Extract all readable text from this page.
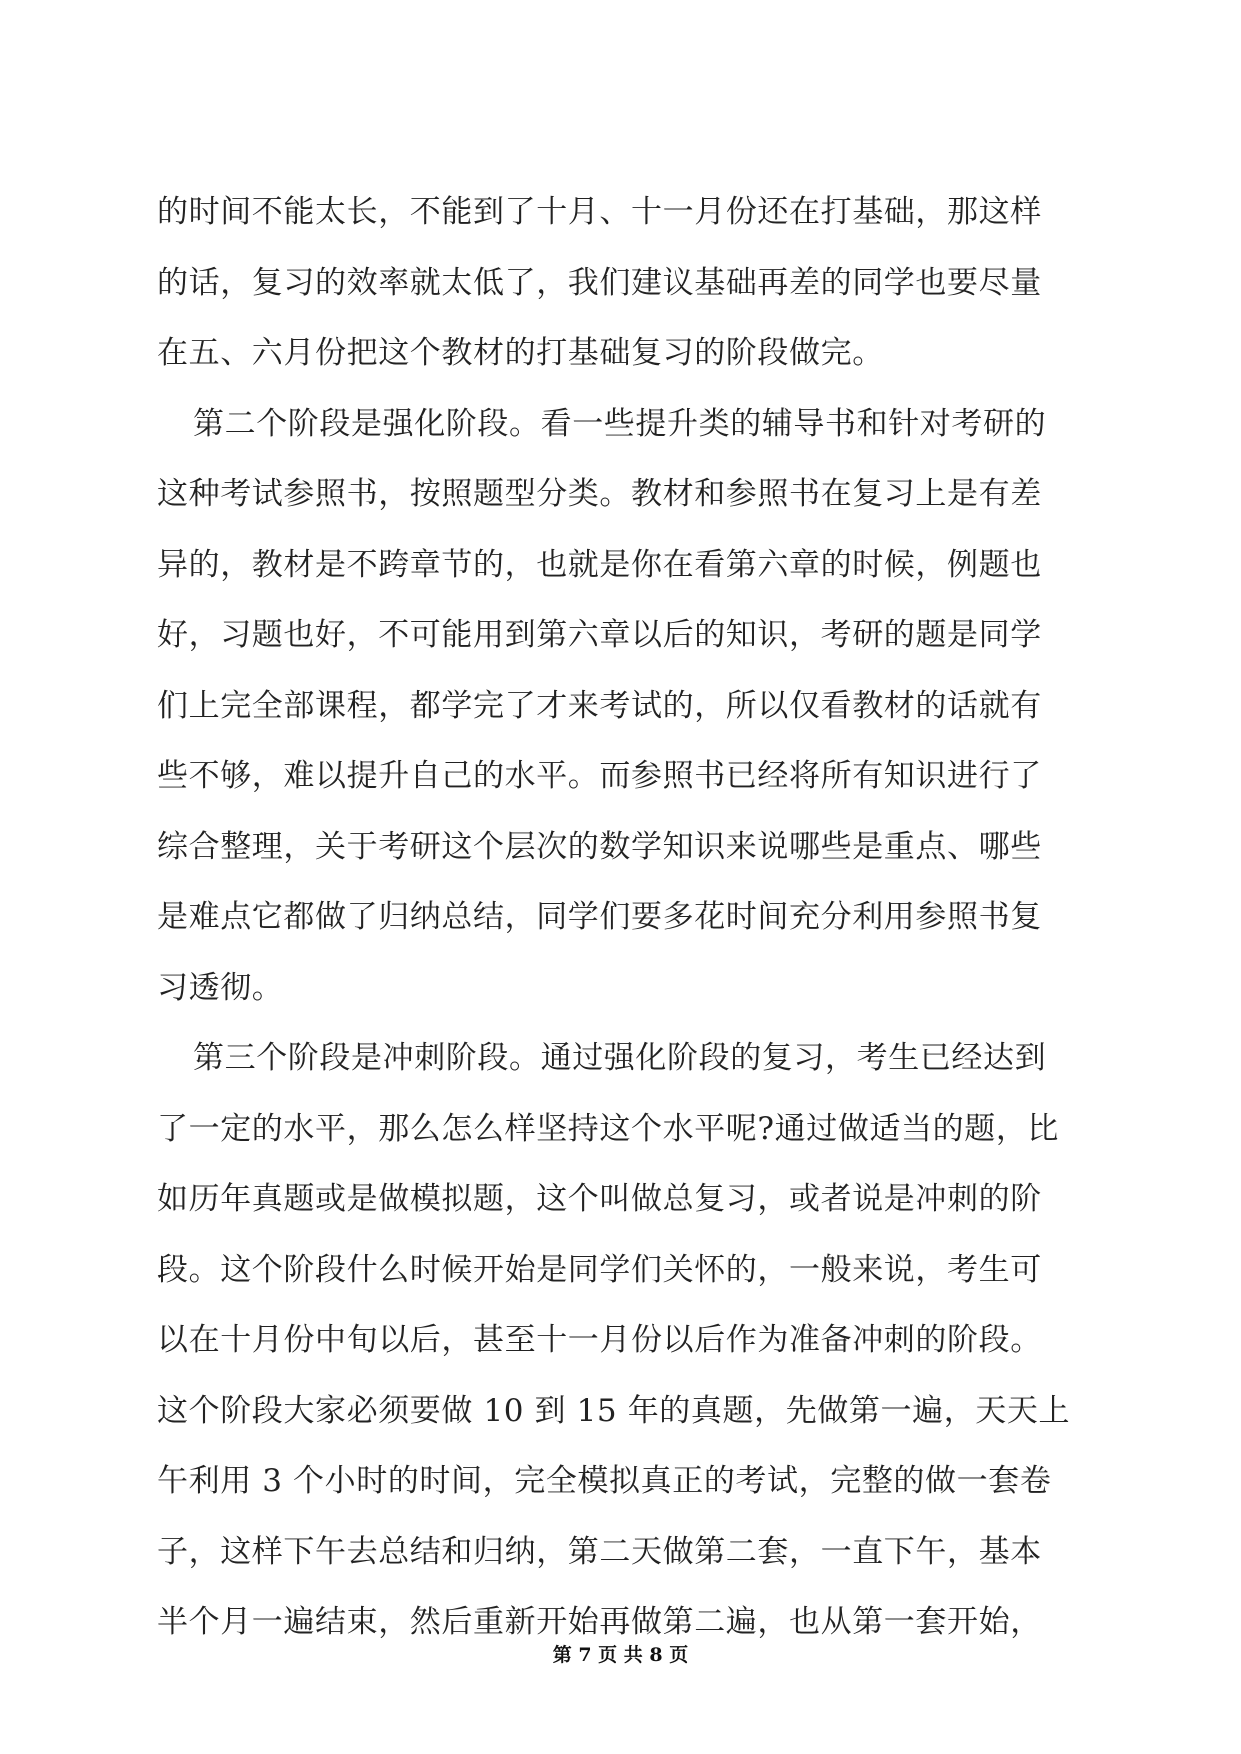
的时间不能太长，不能到了十月、十一月份还在打基础，那这样
的话，复习的效率就太低了，我们建议基础再差的同学也要尽量
在五、六月份把这个教材的打基础复习的阶段做完。
第二个阶段是强化阶段。看一些提升类的辅导书和针对考研的
这种考试参照书，按照题型分类。教材和参照书在复习上是有差
异的，教材是不跨章节的，也就是你在看第六章的时候，例题也
好，习题也好，不可能用到第六章以后的知识，考研的题是同学
们上完全部课程，都学完了才来考试的，所以仅看教材的话就有
些不够，难以提升自己的水平。而参照书已经将所有知识进行了
综合整理，关于考研这个层次的数学知识来说哪些是重点、哪些
是难点它都做了归纳总结，同学们要多花时间充分利用参照书复
习透彻。
第三个阶段是冲刺阶段。通过强化阶段的复习，考生已经达到
了一定的水平，那么怎么样坚持这个水平呢?通过做适当的题，比
如历年真题或是做模拟题，这个叫做总复习，或者说是冲刺的阶
段。这个阶段什么时候开始是同学们关怀的，一般来说，考生可
以在十月份中旬以后，甚至十一月份以后作为准备冲刺的阶段。
这个阶段大家必须要做 10 到 15 年的真题，先做第一遍，天天上
午利用 3 个小时的时间，完全模拟真正的考试，完整的做一套卷
子，这样下午去总结和归纳，第二天做第二套，一直下午，基本
半个月一遍结束，然后重新开始再做第二遍，也从第一套开始，
第 7 页 共 8 页
